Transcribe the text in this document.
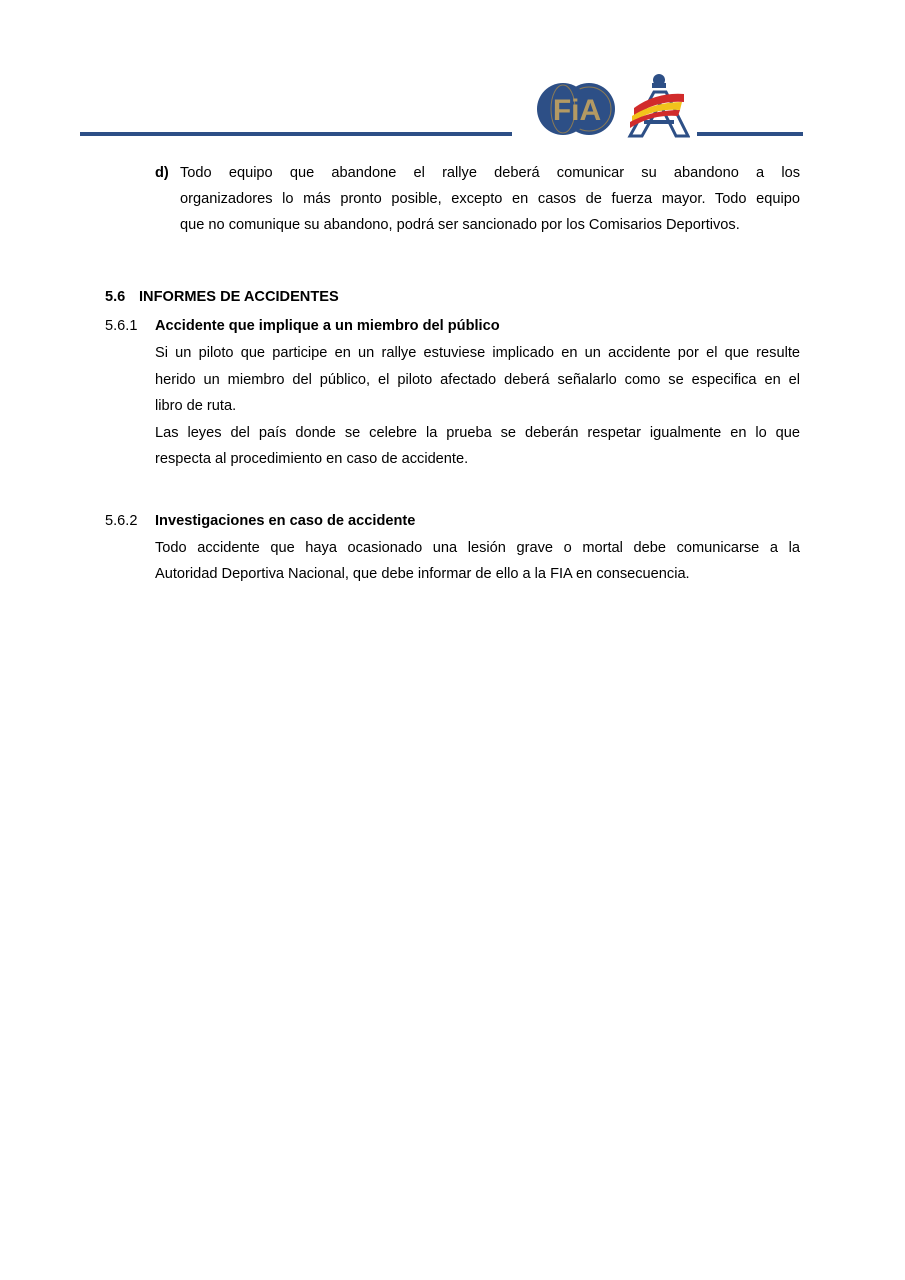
FiA
d) Todo equipo que abandone el rallye deberá comunicar su abandono a los
organizadores lo más pronto posible, excepto en casos de fuerza mayor. Todo equipo
que no comunique su abandono, podrá ser sancionado por los Comisarios Deportivos.
5.6 INFORMES DE ACCIDENTES
5.6.1 Accidente que implique a un miembro del público
Si un piloto que participe en un rallye estuviese implicado en un accidente por el que resulte
herido un miembro del público, el piloto afectado deberá señalarlo como se especifica en el
libro de ruta.
Las leyes del país donde se celebre la prueba se deberán respetar igualmente en lo que
respecta al procedimiento en caso de accidente.
5.6.2 Investigaciones en caso de accidente
Todo accidente que haya ocasionado una lesión grave o mortal debe comunicarse a la
Autoridad Deportiva Nacional, que debe informar de ello a la FIA en consecuencia.
